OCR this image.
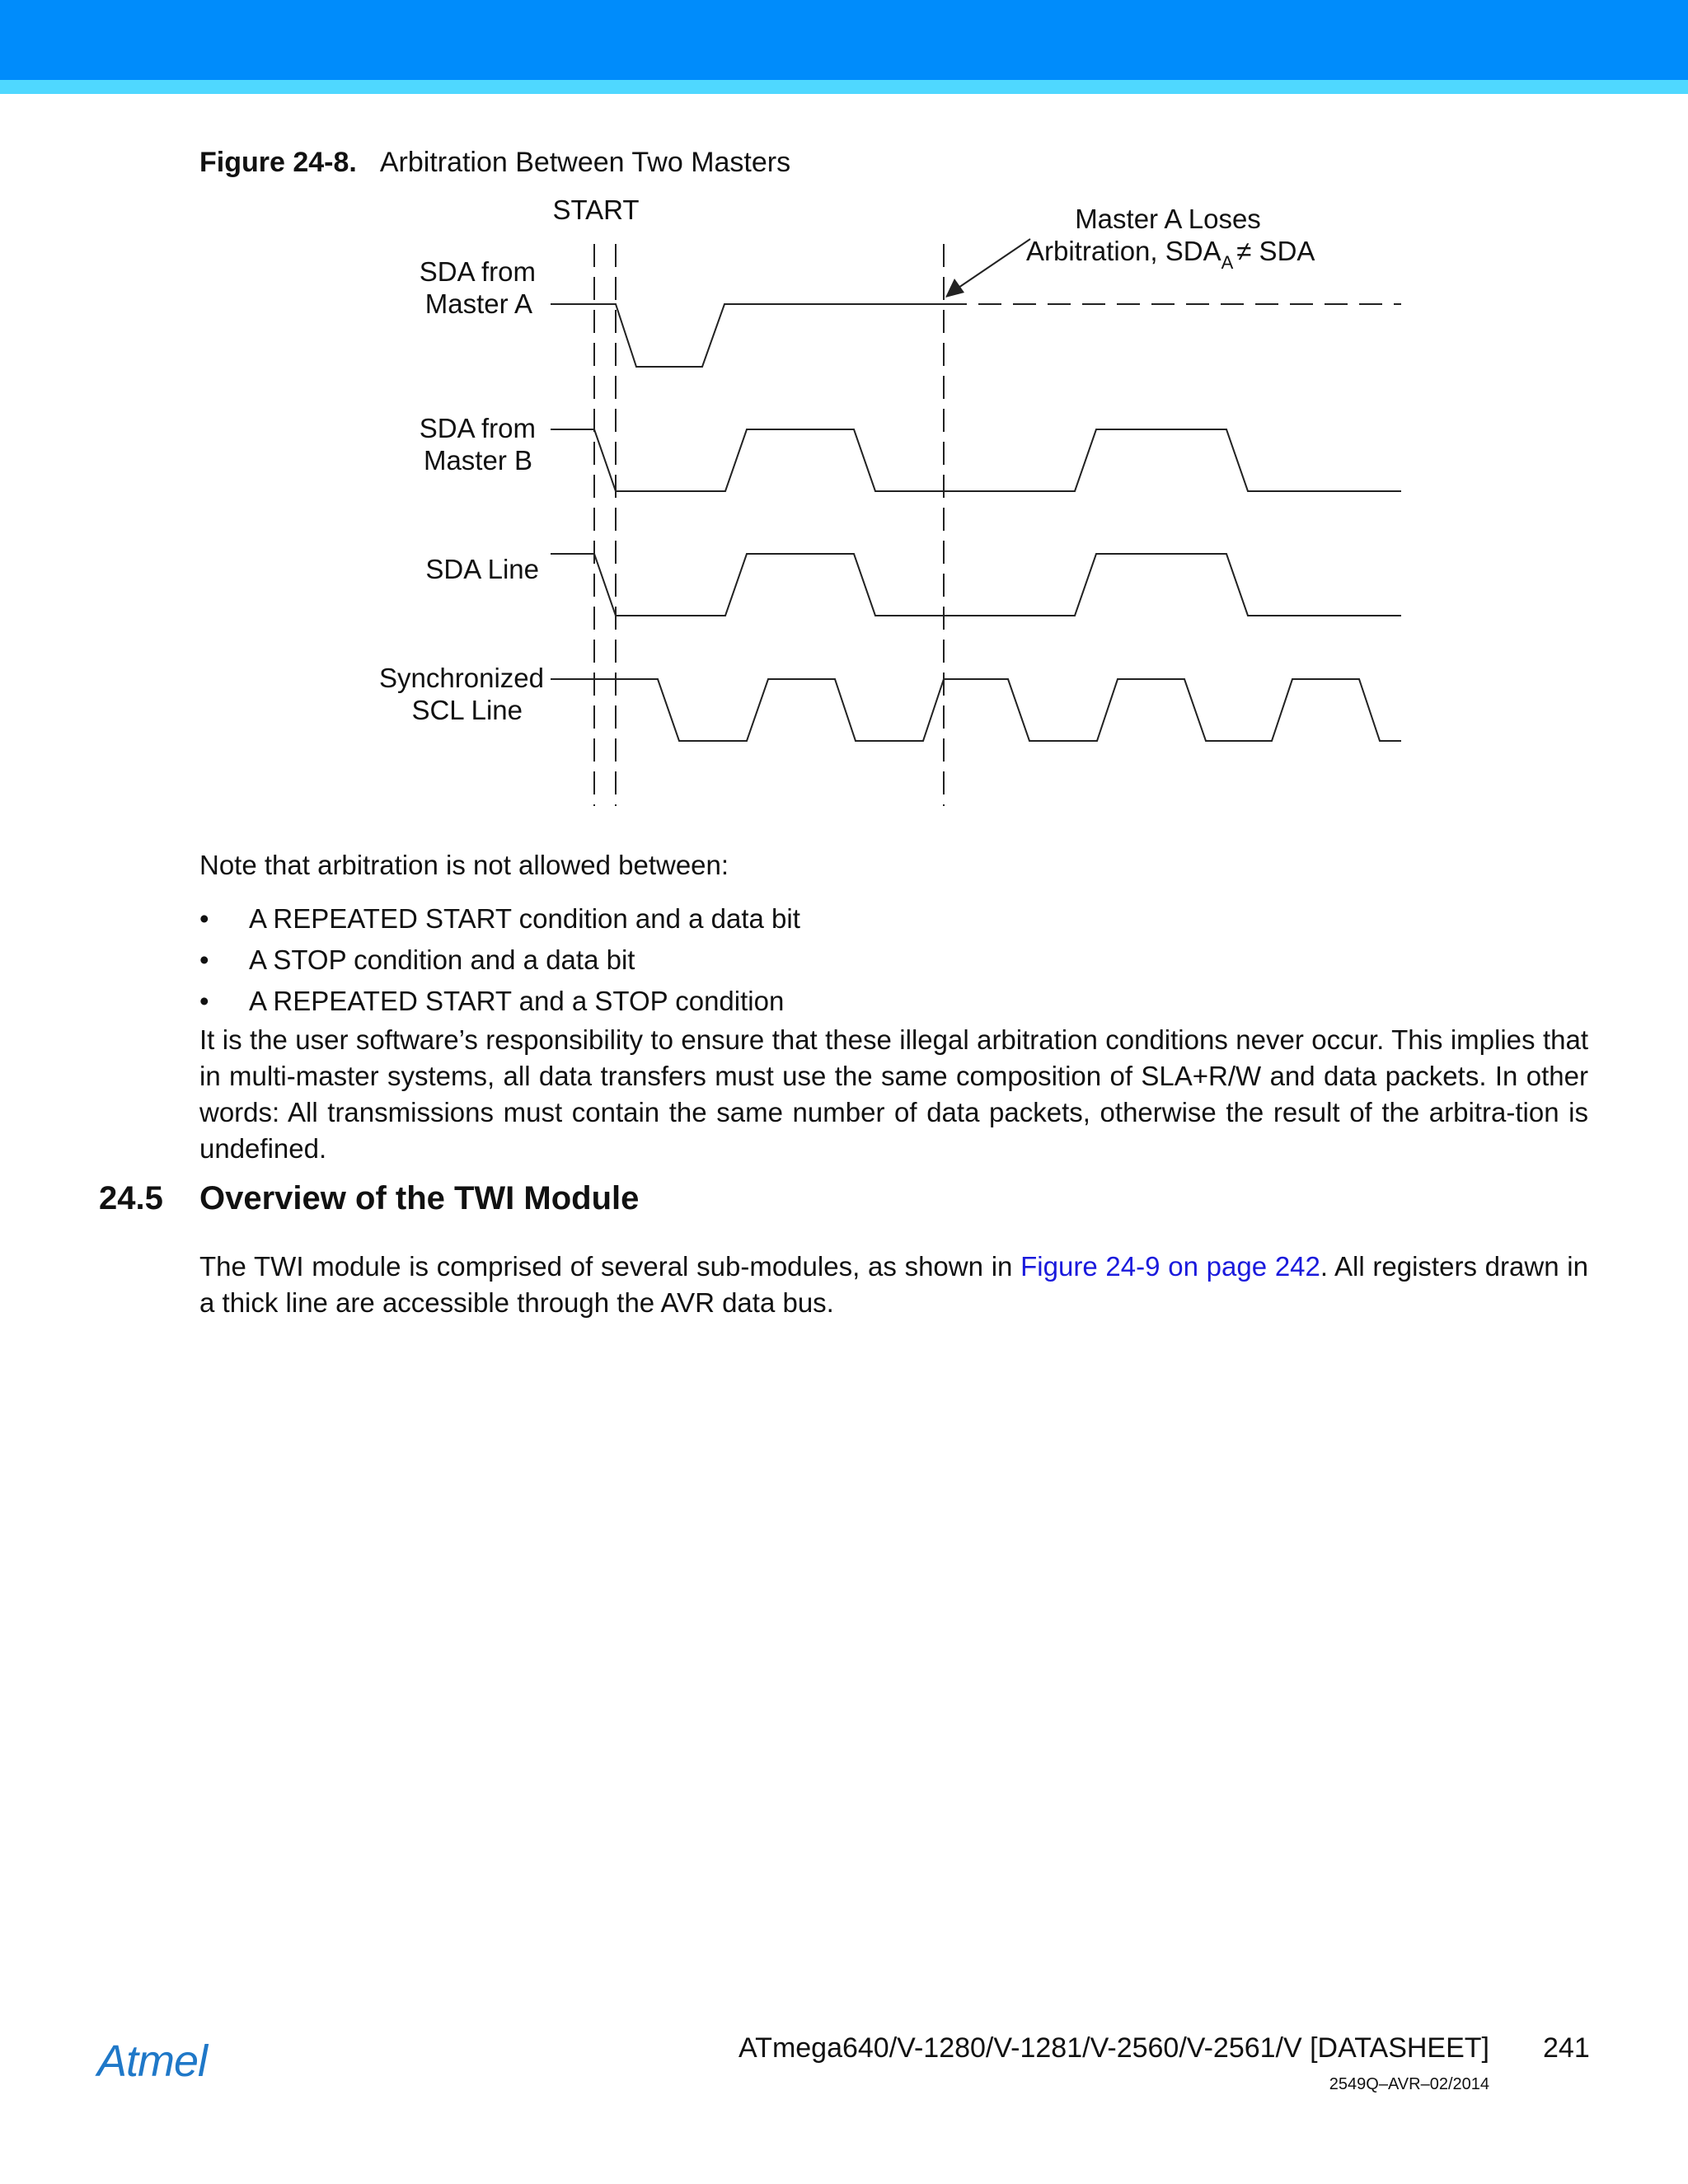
Figure 24-8. Arbitration Between Two Masters
START	Master A Loses
Arbitration, $SDA_A$ ≠ SDA
SDA from
Master A
SDA from
Master B
SDA Line
Synchronized
SCL Line
Note that arbitration is not allowed between:
• A REPEATED START condition and a data bit
• A STOP condition and a data bit
• A REPEATED START and a STOP condition
It is the user software’s responsibility to ensure that these illegal arbitration conditions never occur. This implies that in multi-master systems, all data transfers must use the same composition of SLA+R/W and data packets. In other words: All transmissions must contain the same number of data packets, otherwise the result of the arbitra-tion is undefined.
24.5 Overview of the TWI Module
The TWI module is comprised of several sub-modules, as shown in Figure 24-9 on page 242. All registers drawn in a thick line are accessible through the AVR data bus.
Atmel	ATmega640/V-1280/V-1281/V-2560/V-2561/V [DATASHEET] 241
2549Q–AVR–02/2014
